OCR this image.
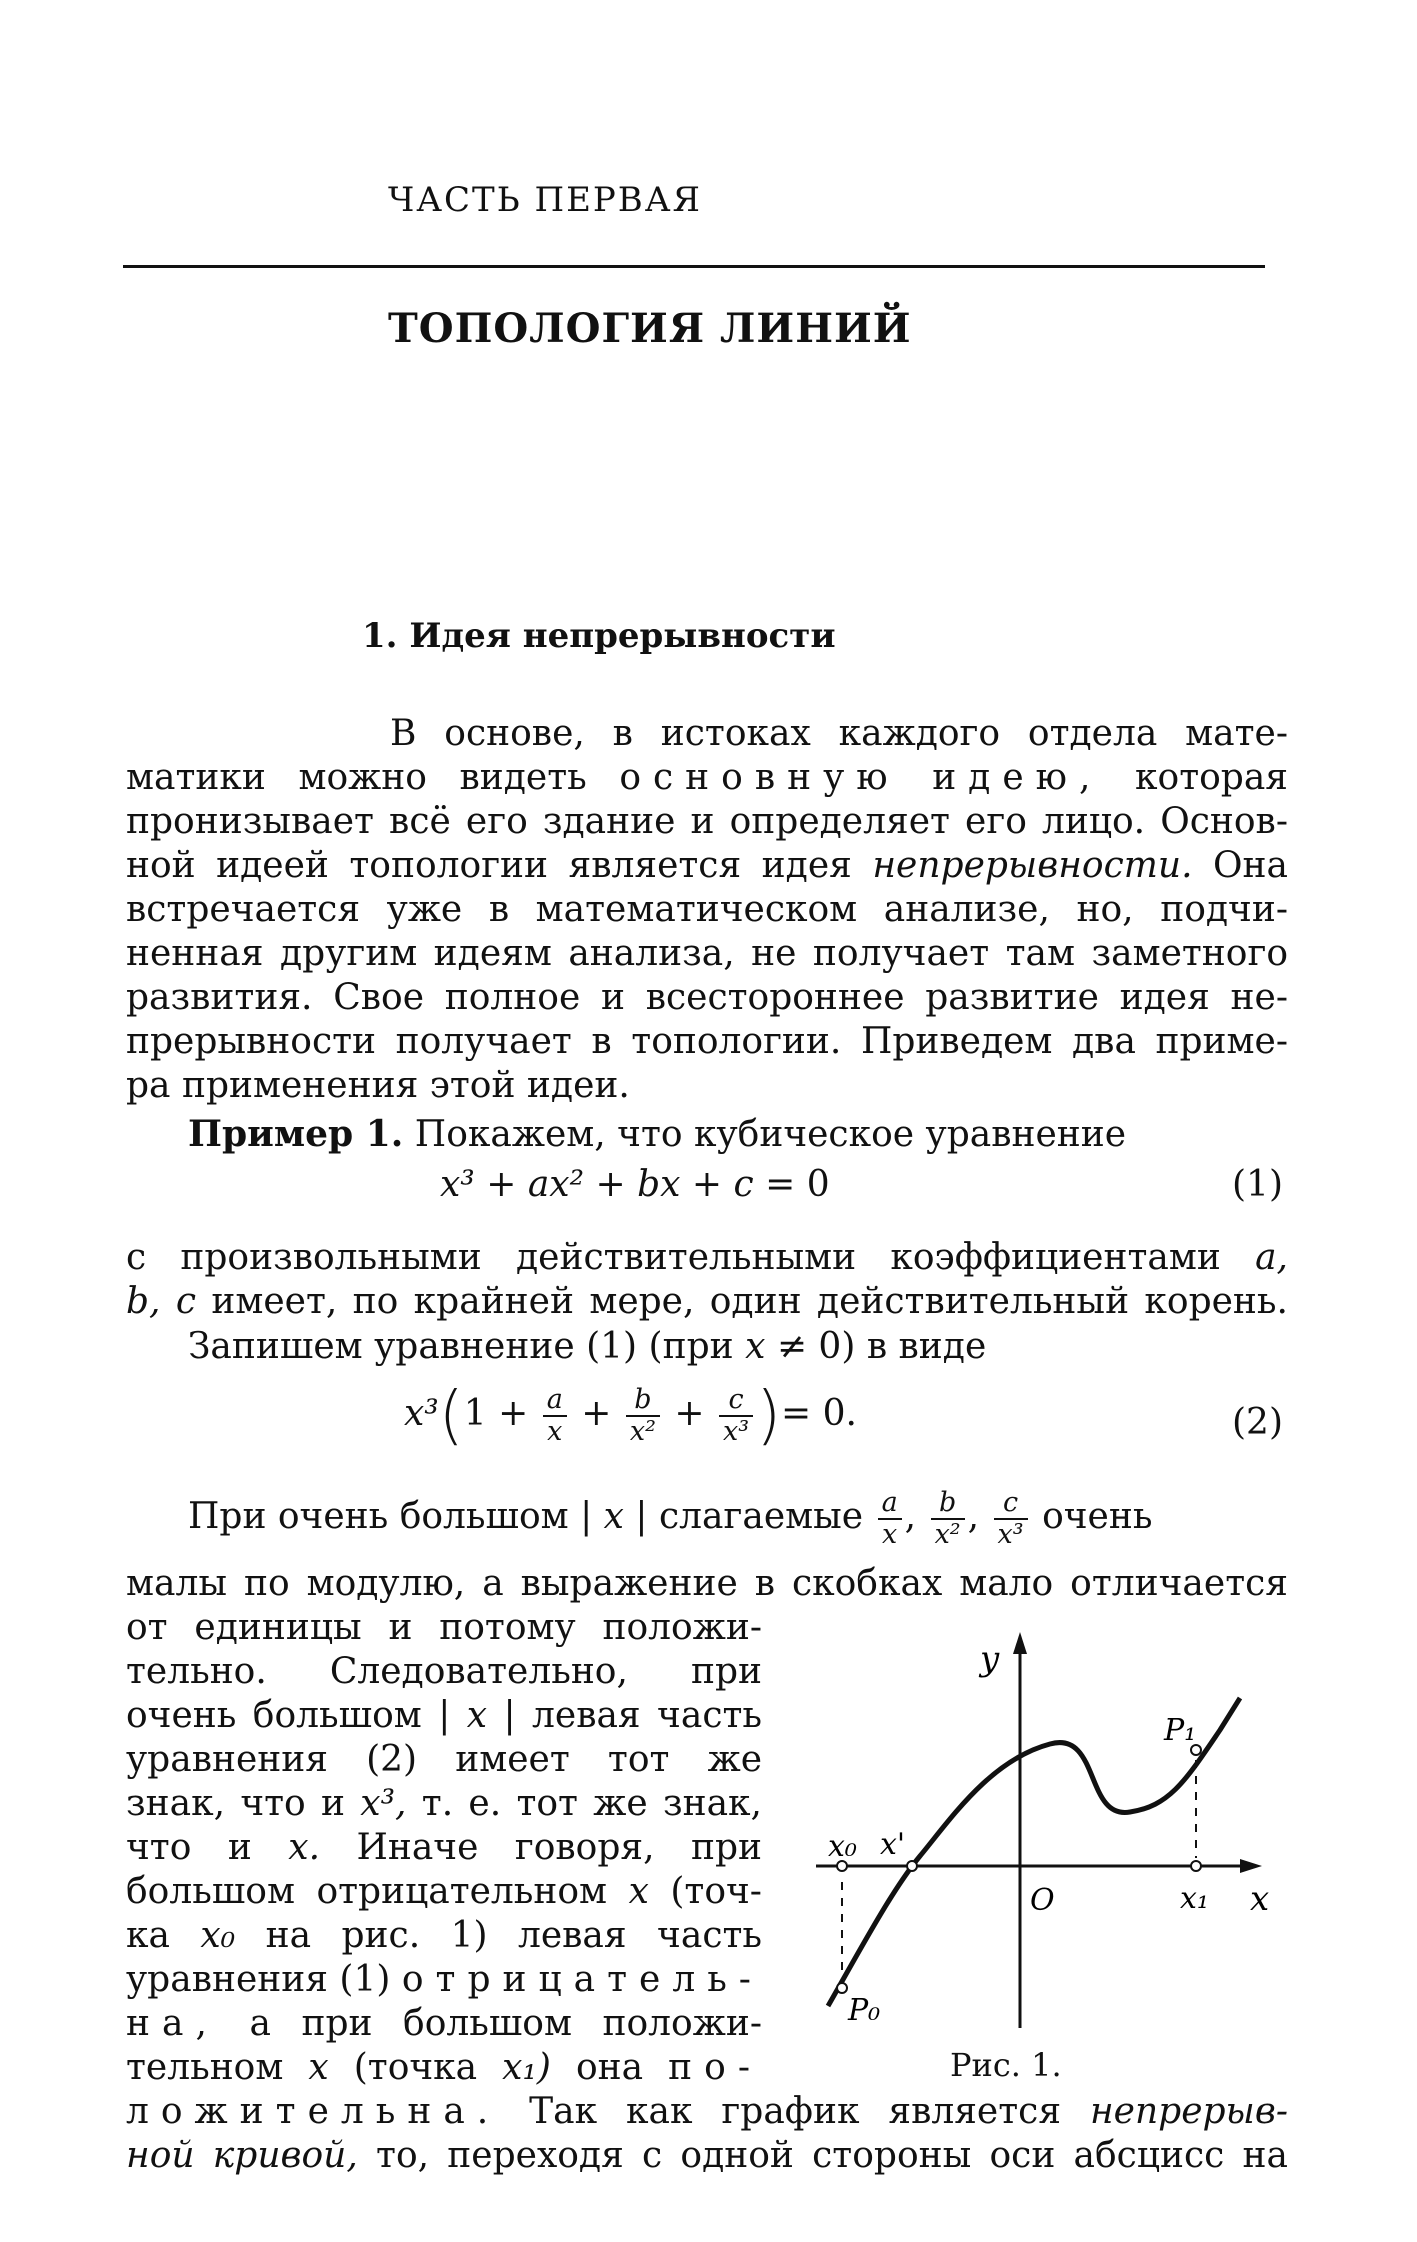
ЧАСТЬ ПЕРВАЯ
ТОПОЛОГИЯ ЛИНИЙ
1. Идея непрерывности
В основе, в истоках каждого отдела мате-
матики можно видеть основную идею, которая
пронизывает всё его здание и определяет его лицо. Основ-
ной идеей топологии является идея непрерывности. Она
встречается уже в математическом анализе, но, подчи-
ненная другим идеям анализа, не получает там заметного
развития. Свое полное и всестороннее развитие идея не-
прерывности получает в топологии. Приведем два приме-
ра применения этой идеи.
Пример 1. Покажем, что кубическое уравнение
x³ + ax² + bx + c = 0	(1)
с произвольными действительными коэффициентами a,
b, c имеет, по крайней мере, один действительный корень.
Запишем уравнение (1) (при x ≠ 0) в виде
$x^3(1 + \frac{a}{x} + \frac{b}{\text{x²}} + \frac{c}{\text{x³}}$ )= 0.	(2)
При очень большом | x | слагаемые $\frac{a}{x}$ , $\frac{b}{\text{x²}}$ , $\frac{c}{\text{x³}}$ очень
малы по модулю, а выражение в скобках мало отличается
от единицы и потому положи-
тельно. Следовательно, при
очень большом | x | левая часть
уравнения (2) имеет тот же
знак, что и x³, т. е. тот же знак,
что и x. Иначе говоря, при
большом отрицательном x (точ-
ка x₀ на рис. 1) левая часть
уравнения (1) отрицатель-
на, а при большом положи-
тельном x (точка x₁) она по-
ложительна. Так как график является непрерыв-
ной кривой, то, переходя с одной стороны оси абсцисс на
y
x
O
x₀ x'
x₁
P₀
P₁
Рис. 1.
